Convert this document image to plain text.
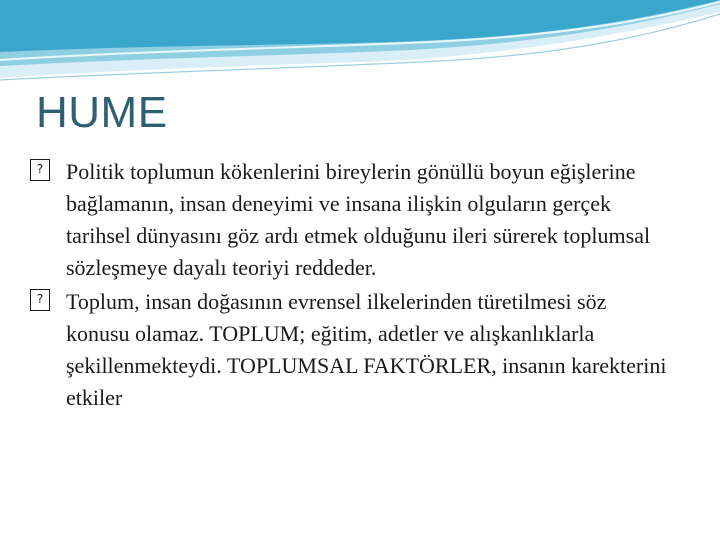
HUME

?	Politik toplumun kökenlerini bireylerin gönüllü boyun eğişlerine bağlamanın, insan deneyimi ve insana ilişkin olguların gerçek tarihsel dünyasını göz ardı etmek olduğunu ileri sürerek toplumsal sözleşmeye dayalı teoriyi reddeder.

?	Toplum, insan doğasının evrensel ilkelerinden türetilmesi söz konusu olamaz. TOPLUM; eğitim, adetler ve alışkanlıklarla şekillenmekteydi. TOPLUMSAL FAKTÖRLER, insanın karekterini etkiler
